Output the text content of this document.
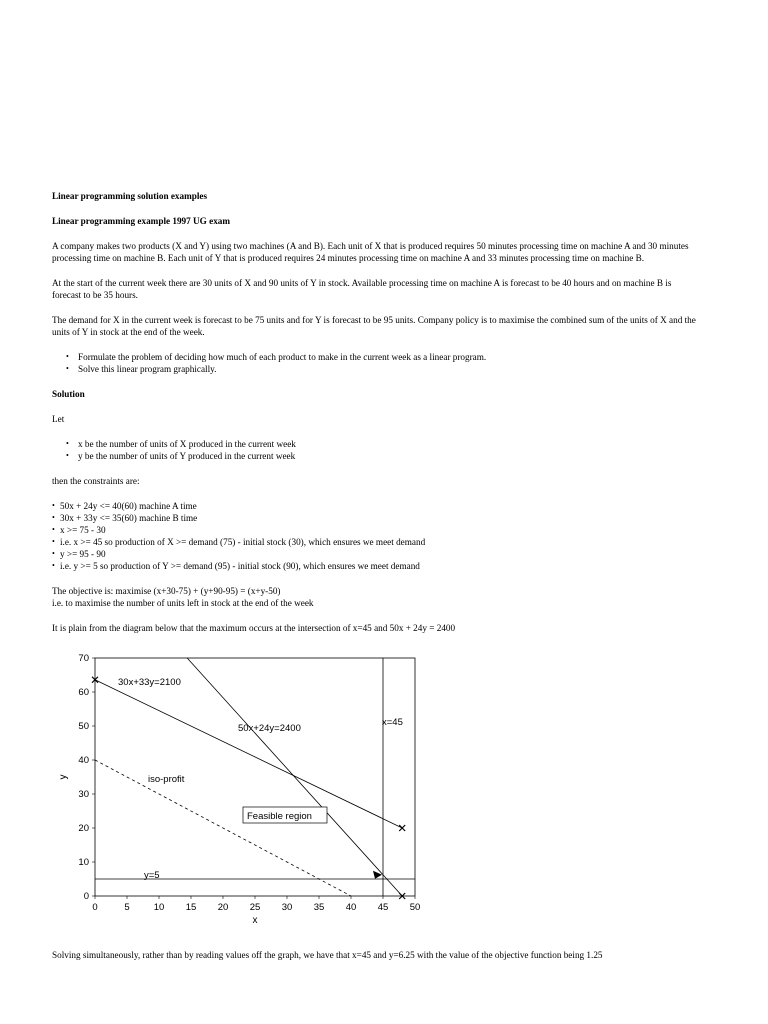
Linear programming solution examples

Linear programming example 1997 UG exam

A company makes two products (X and Y) using two machines (A and B). Each unit of X that is produced requires 50 minutes processing time on machine A and 30 minutes processing time on machine B. Each unit of Y that is produced requires 24 minutes processing time on machine A and 33 minutes processing time on machine B.

At the start of the current week there are 30 units of X and 90 units of Y in stock. Available processing time on machine A is forecast to be 40 hours and on machine B is forecast to be 35 hours.

The demand for X in the current week is forecast to be 75 units and for Y is forecast to be 95 units. Company policy is to maximise the combined sum of the units of X and the units of Y in stock at the end of the week.

• Formulate the problem of deciding how much of each product to make in the current week as a linear program.
• Solve this linear program graphically.

Solution

Let

• x be the number of units of X produced in the current week
• y be the number of units of Y produced in the current week

then the constraints are:

• 50x + 24y <= 40(60) machine A time
• 30x + 33y <= 35(60) machine B time
• x >= 75 - 30
• i.e. x >= 45 so production of X >= demand (75) - initial stock (30), which ensures we meet demand
• y >= 95 - 90
• i.e. y >= 5 so production of Y >= demand (95) - initial stock (90), which ensures we meet demand

The objective is: maximise (x+30-75) + (y+90-95) = (x+y-50)

i.e. to maximise the number of units left in stock at the end of the week

It is plain from the diagram below that the maximum occurs at the intersection of x=45 and 50x + 24y = 2400

0	5	10 15 20 25 30 35 40 45 50
0
10
20
30
40
50
60
70
x
y
30x+33y=2100
50x+24y=2400
x=45
y=5
iso-profit
Feasible region

Solving simultaneously, rather than by reading values off the graph, we have that x=45 and y=6.25 with the value of the objective function being 1.25
